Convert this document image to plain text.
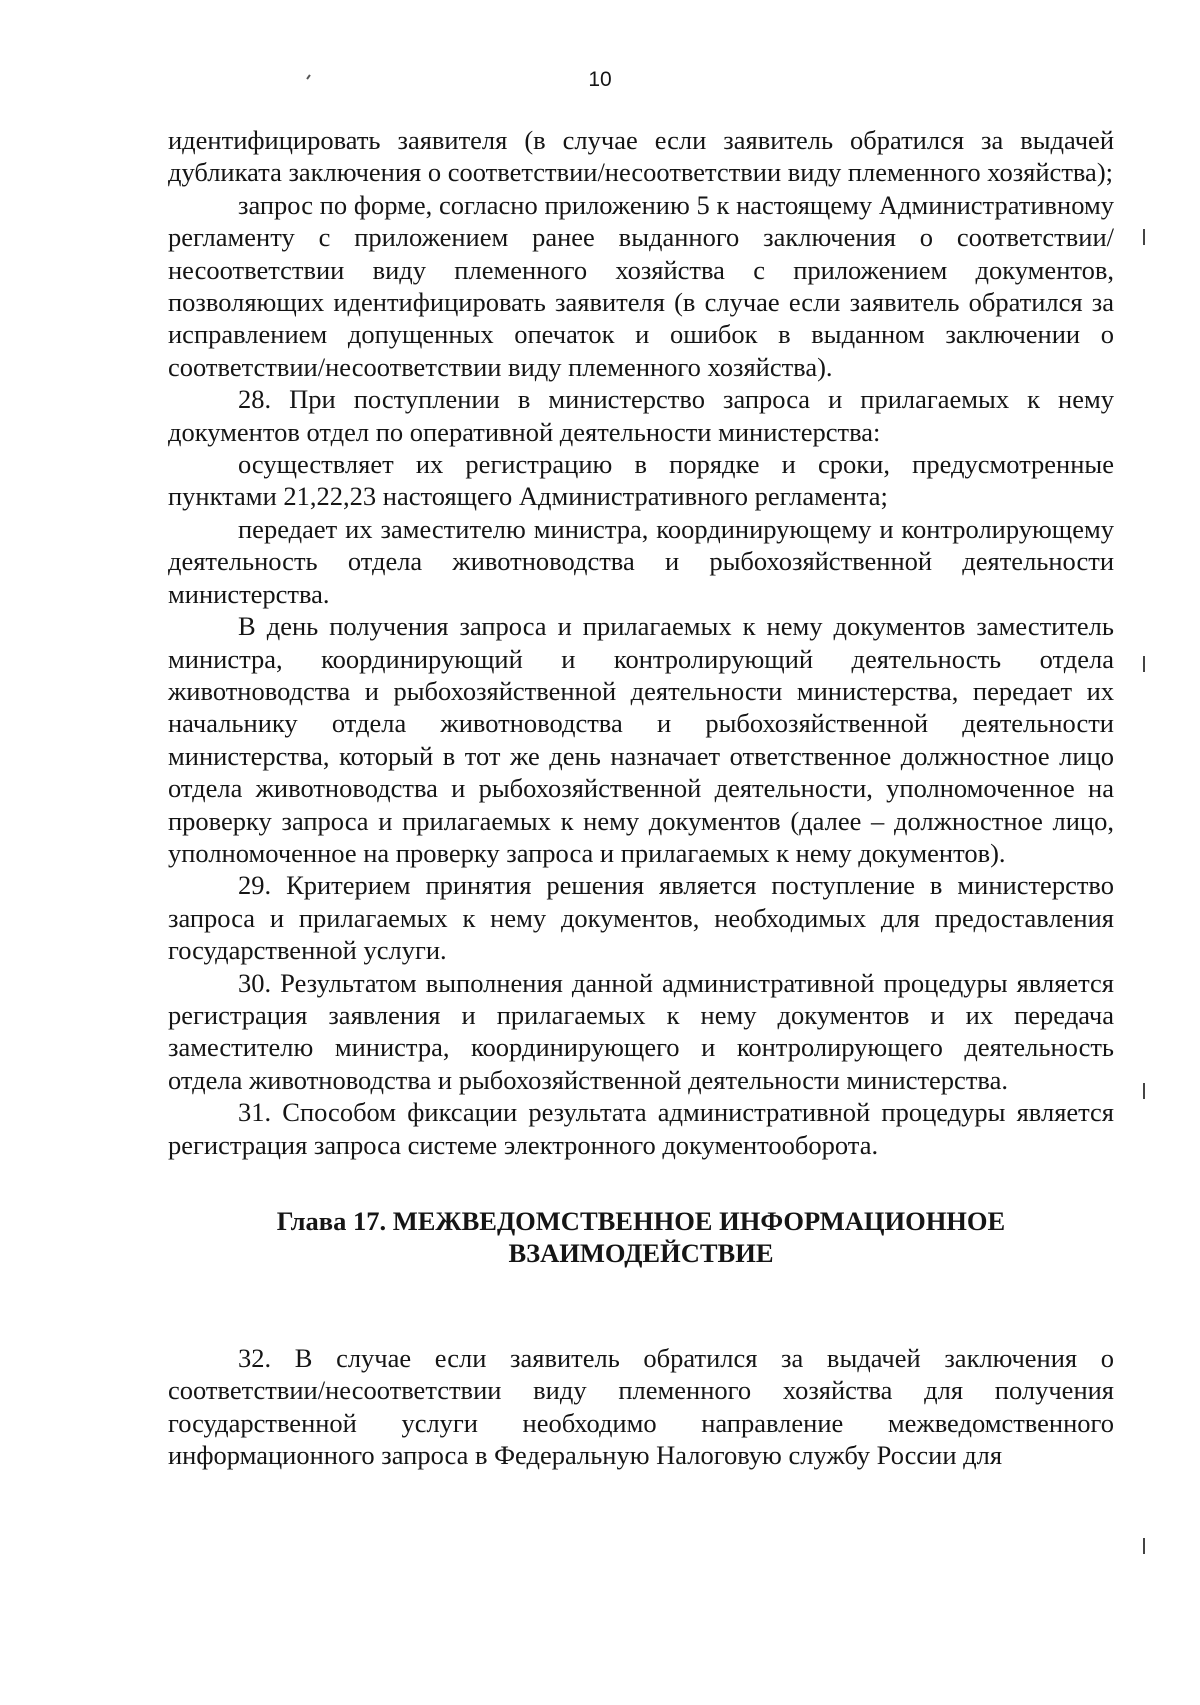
10

идентифицировать заявителя (в случае если заявитель обратился за выдачей дубликата заключения о соответствии/несоответствии виду племенного хозяйства);

запрос по форме, согласно приложению 5 к настоящему Административному регламенту с приложением ранее выданного заключения о соответствии/несоответствии виду племенного хозяйства с приложением документов, позволяющих идентифицировать заявителя (в случае если заявитель обратился за исправлением допущенных опечаток и ошибок в выданном заключении о соответствии/несоответствии виду племенного хозяйства).

28. При поступлении в министерство запроса и прилагаемых к нему документов отдел по оперативной деятельности министерства:

осуществляет их регистрацию в порядке и сроки, предусмотренные пунктами 21,22,23 настоящего Административного регламента;

передает их заместителю министра, координирующему и контролирующему деятельность отдела животноводства и рыбохозяйственной деятельности министерства.

В день получения запроса и прилагаемых к нему документов заместитель министра, координирующий и контролирующий деятельность отдела животноводства и рыбохозяйственной деятельности министерства, передает их начальнику отдела животноводства и рыбохозяйственной деятельности министерства, который в тот же день назначает ответственное должностное лицо отдела животноводства и рыбохозяйственной деятельности, уполномоченное на проверку запроса и прилагаемых к нему документов (далее – должностное лицо, уполномоченное на проверку запроса и прилагаемых к нему документов).

29. Критерием принятия решения является поступление в министерство запроса и прилагаемых к нему документов, необходимых для предоставления государственной услуги.

30. Результатом выполнения данной административной процедуры является регистрация заявления и прилагаемых к нему документов и их передача заместителю министра, координирующего и контролирующего деятельность отдела животноводства и рыбохозяйственной деятельности министерства.

31. Способом фиксации результата административной процедуры является регистрация запроса системе электронного документооборота.

Глава 17. МЕЖВЕДОМСТВЕННОЕ ИНФОРМАЦИОННОЕ
ВЗАИМОДЕЙСТВИЕ

32. В случае если заявитель обратился за выдачей заключения о соответствии/несоответствии виду племенного хозяйства для получения государственной услуги необходимо направление межведомственного информационного запроса в Федеральную Налоговую службу России для
